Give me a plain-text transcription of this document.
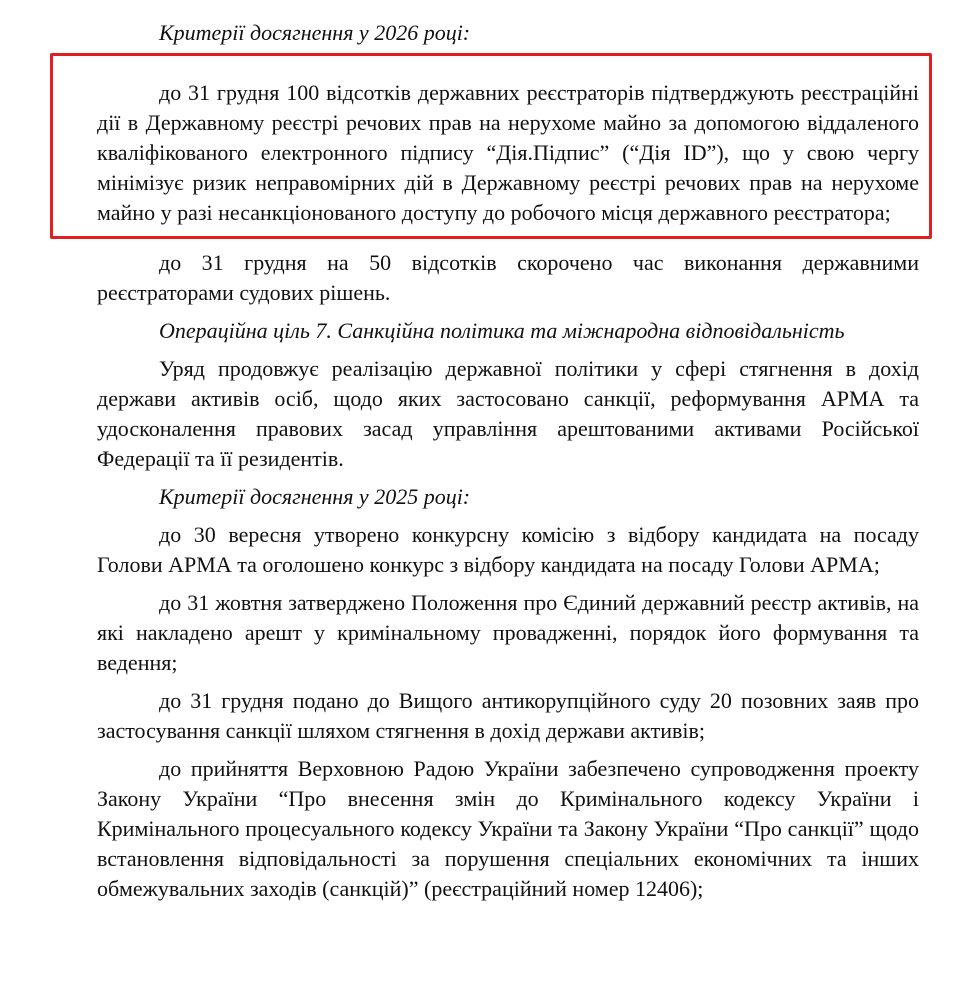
Критерії досягнення у 2026 році:

до 31 грудня 100 відсотків державних реєстраторів підтверджують реєстраційні дії в Державному реєстрі речових прав на нерухоме майно за допомогою віддаленого кваліфікованого електронного підпису “Дія.Підпис” (“Дія ID”), що у свою чергу мінімізує ризик неправомірних дій в Державному реєстрі речових прав на нерухоме майно у разі несанкціонованого доступу до робочого місця державного реєстратора;

до 31 грудня на 50 відсотків скорочено час виконання державними реєстраторами судових рішень.

Операційна ціль 7. Санкційна політика та міжнародна відповідальність

Уряд продовжує реалізацію державної політики у сфері стягнення в дохід держави активів осіб, щодо яких застосовано санкції, реформування АРМА та удосконалення правових засад управління арештованими активами Російської Федерації та її резидентів.

Критерії досягнення у 2025 році:

до 30 вересня утворено конкурсну комісію з відбору кандидата на посаду Голови АРМА та оголошено конкурс з відбору кандидата на посаду Голови АРМА;

до 31 жовтня затверджено Положення про Єдиний державний реєстр активів, на які накладено арешт у кримінальному провадженні, порядок його формування та ведення;

до 31 грудня подано до Вищого антикорупційного суду 20 позовних заяв про застосування санкції шляхом стягнення в дохід держави активів;

до прийняття Верховною Радою України забезпечено супроводження проекту Закону України “Про внесення змін до Кримінального кодексу України і Кримінального процесуального кодексу України та Закону України “Про санкції” щодо встановлення відповідальності за порушення спеціальних економічних та інших обмежувальних заходів (санкцій)” (реєстраційний номер 12406);
